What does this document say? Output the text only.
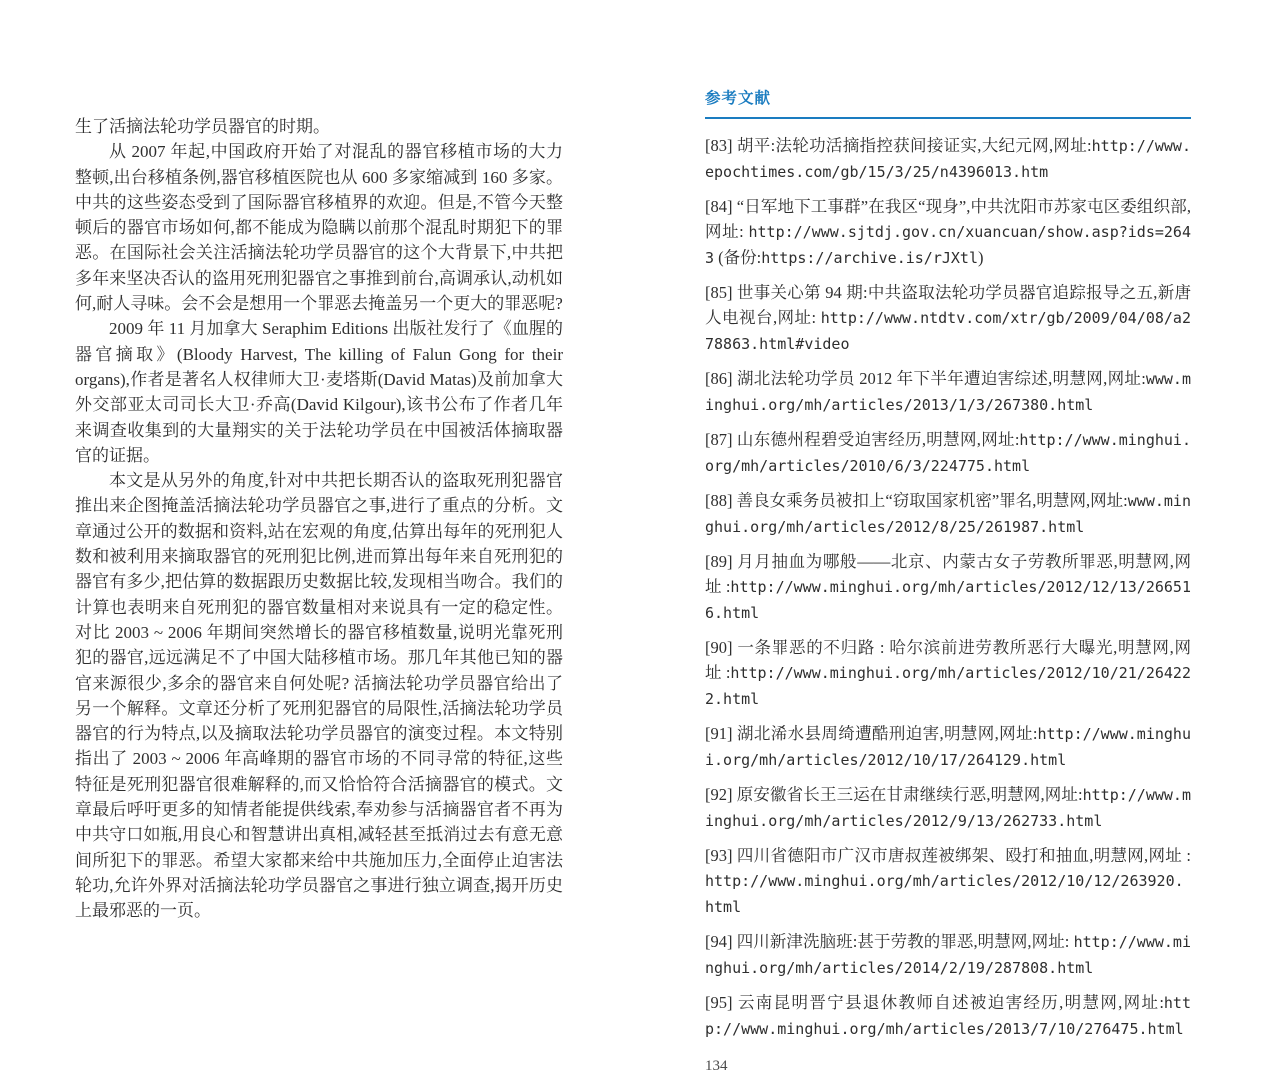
生了活摘法轮功学员器官的时期。

从 2007 年起,中国政府开始了对混乱的器官移植市场的大力整顿,出台移植条例,器官移植医院也从 600 多家缩减到 160 多家。中共的这些姿态受到了国际器官移植界的欢迎。但是,不管今天整顿后的器官市场如何,都不能成为隐瞒以前那个混乱时期犯下的罪恶。在国际社会关注活摘法轮功学员器官的这个大背景下,中共把多年来坚决否认的盗用死刑犯器官之事推到前台,高调承认,动机如何,耐人寻味。会不会是想用一个罪恶去掩盖另一个更大的罪恶呢?

2009 年 11 月加拿大 Seraphim Editions 出版社发行了《血腥的器官摘取》(Bloody Harvest, The killing of Falun Gong for their organs),作者是著名人权律师大卫·麦塔斯(David Matas)及前加拿大外交部亚太司司长大卫·乔高(David Kilgour),该书公布了作者几年来调查收集到的大量翔实的关于法轮功学员在中国被活体摘取器官的证据。

本文是从另外的角度,针对中共把长期否认的盗取死刑犯器官推出来企图掩盖活摘法轮功学员器官之事,进行了重点的分析。文章通过公开的数据和资料,站在宏观的角度,估算出每年的死刑犯人数和被利用来摘取器官的死刑犯比例,进而算出每年来自死刑犯的器官有多少,把估算的数据跟历史数据比较,发现相当吻合。我们的计算也表明来自死刑犯的器官数量相对来说具有一定的稳定性。对比 2003 ~ 2006 年期间突然增长的器官移植数量,说明光靠死刑犯的器官,远远满足不了中国大陆移植市场。那几年其他已知的器官来源很少,多余的器官来自何处呢? 活摘法轮功学员器官给出了另一个解释。文章还分析了死刑犯器官的局限性,活摘法轮功学员器官的行为特点,以及摘取法轮功学员器官的演变过程。本文特别指出了 2003 ~ 2006 年高峰期的器官市场的不同寻常的特征,这些特征是死刑犯器官很难解释的,而又恰恰符合活摘器官的模式。文章最后呼吁更多的知情者能提供线索,奉劝参与活摘器官者不再为中共守口如瓶,用良心和智慧讲出真相,减轻甚至抵消过去有意无意间所犯下的罪恶。希望大家都来给中共施加压力,全面停止迫害法轮功,允许外界对活摘法轮功学员器官之事进行独立调查,揭开历史上最邪恶的一页。

参考文献

[83] 胡平:法轮功活摘指控获间接证实,大纪元网,网址:http://www.epochtimes.com/gb/15/3/25/n4396013.htm

[84] “日军地下工事群”在我区“现身”,中共沈阳市苏家屯区委组织部,网址: http://www.sjtdj.gov.cn/xuancuan/show.asp?ids=2643 (备份:https://archive.is/rJXtl)

[85] 世事关心第 94 期:中共盗取法轮功学员器官追踪报导之五,新唐人电视台,网址: http://www.ntdtv.com/xtr/gb/2009/04/08/a278863.html#video

[86] 湖北法轮功学员 2012 年下半年遭迫害综述,明慧网,网址:www.minghui.org/mh/articles/2013/1/3/267380.html

[87] 山东德州程碧受迫害经历,明慧网,网址:http://www.minghui.org/mh/articles/2010/6/3/224775.html

[88] 善良女乘务员被扣上“窃取国家机密”罪名,明慧网,网址:www.minghui.org/mh/articles/2012/8/25/261987.html

[89] 月月抽血为哪般——北京、内蒙古女子劳教所罪恶,明慧网,网址:http://www.minghui.org/mh/articles/2012/12/13/266516.html

[90] 一条罪恶的不归路 : 哈尔滨前进劳教所恶行大曝光,明慧网,网址:http://www.minghui.org/mh/articles/2012/10/21/264222.html

[91] 湖北浠水县周绮遭酷刑迫害,明慧网,网址:http://www.minghui.org/mh/articles/2012/10/17/264129.html

[92] 原安徽省长王三运在甘肃继续行恶,明慧网,网址:http://www.minghui.org/mh/articles/2012/9/13/262733.html

[93] 四川省德阳市广汉市唐叔莲被绑架、殴打和抽血,明慧网,网址 :http://www.minghui.org/mh/articles/2012/10/12/263920.html

[94] 四川新津洗脑班:甚于劳教的罪恶,明慧网,网址: http://www.minghui.org/mh/articles/2014/2/19/287808.html

[95] 云南昆明晋宁县退休教师自述被迫害经历,明慧网,网址:http://www.minghui.org/mh/articles/2013/7/10/276475.html

134
